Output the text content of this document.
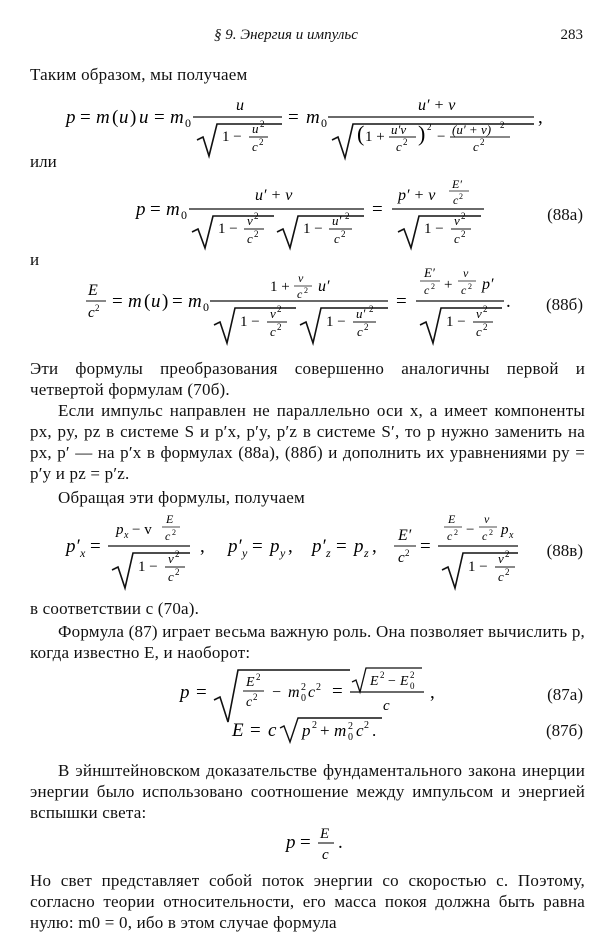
§ 9. Энергия и импульс	283
Таким образом, мы получаем
p = m ( u ) u = m 0
u
1 −
u 2
c 2
= m 0
u′ + v
( 1 + u′v
c 2 ) 2
− (u′ + v) 2
c 2
,
или
p = m 0
u′ + v
1 −
v 2
c 2	1 −
u′ 2
c 2
=
p′ + v
E′
c 2
1 −
v 2
c 2
(88а)
и
E
c 2 = m ( u ) = m 0
1 +
v
c 2 u′
1 −
v 2
c 2	1 −
u′ 2
c 2
=
E′
c 2 +
v
c 2 p′
1 −
v 2
c 2
. (88б)
Эти формулы преобразования совершенно аналогичны первой и четвертой формулам (70б).
Если импульс направлен не параллельно оси x, а имеет компоненты px, py, pz в системе S и p′x, p′y, p′z в системе S′, то p нужно заменить на px, p′ — на p′x в формулах (88а), (88б) и дополнить их уравнениями py = p′y и pz = p′z.
Обращая эти формулы, получаем
p′ x =
p x − v
E
c 2
1 −
v 2
c 2
, p′ y = p y , p′ z = p z ,
E′
c 2 =
E
c 2 −
v
c 2 p x
1 −
v 2
c 2
(88в)
в соответствии с (70а).
Формула (87) играет весьма важную роль. Она позволяет вычислить p, когда известно E, и наоборот:
p =	E 2
c 2 − m 0
2 c 2 = E 2 − E 0
2
c
,	(87а)
E = c p 2 + m 0
2 c 2 .	(87б)
В эйнштейновском доказательстве фундаментального закона инерции энергии было использовано соотношение между импульсом и энергией вспышки света:
p = E
c
.
Но свет представляет собой поток энергии со скоростью c. Поэтому, согласно теории относительности, его масса покоя должна быть равна нулю: m0 = 0, ибо в этом случае формула
